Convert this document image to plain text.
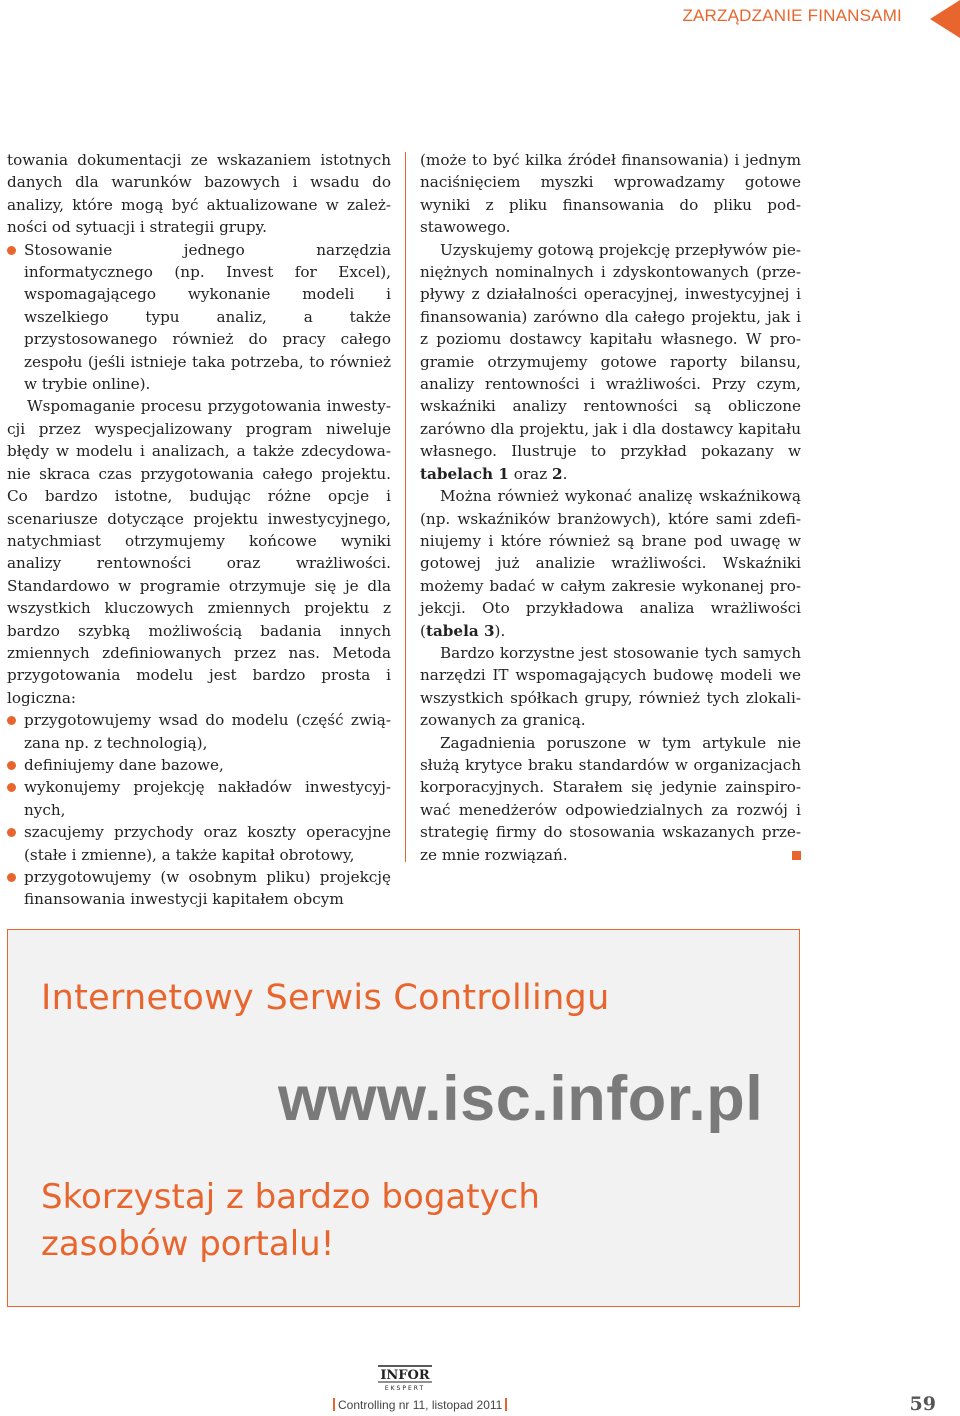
ZARZĄDZANIE FINANSAMI

towania dokumentacji ze wskazaniem istotnych danych dla warunków bazowych i wsadu do analizy, które mogą być aktualizowane w zależności od sytuacji i strategii grupy.

Stosowanie jednego narzędzia informatycznego (np. Invest for Excel), wspomagającego wykonanie modeli i wszelkiego typu analiz, a także przystosowanego również do pracy całego zespołu (jeśli istnieje taka potrzeba, to również w trybie online).

Wspomaganie procesu przygotowania inwestycji przez wyspecjalizowany program niweluje błędy w modelu i analizach, a także zdecydowanie skraca czas przygotowania całego projektu. Co bardzo istotne, budując różne opcje i scenariusze dotyczące projektu inwestycyjnego, natychmiast otrzymujemy końcowe wyniki analizy rentowności oraz wrażliwości. Standardowo w programie otrzymuje się je dla wszystkich kluczowych zmiennych projektu z bardzo szybką możliwością badania innych zmiennych zdefiniowanych przez nas. Metoda przygotowania modelu jest bardzo prosta i logiczna:

przygotowujemy wsad do modelu (część związana np. z technologią),

definiujemy dane bazowe,

wykonujemy projekcję nakładów inwestycyjnych,

szacujemy przychody oraz koszty operacyjne (stałe i zmienne), a także kapitał obrotowy,

przygotowujemy (w osobnym pliku) projekcję finansowania inwestycji kapitałem obcym

(może to być kilka źródeł finansowania) i jednym naciśnięciem myszki wprowadzamy gotowe wyniki z pliku finansowania do pliku podstawowego.

Uzyskujemy gotową projekcję przepływów pieniężnych nominalnych i zdyskontowanych (przepływy z działalności operacyjnej, inwestycyjnej i finansowania) zarówno dla całego projektu, jak i z poziomu dostawcy kapitału własnego. W programie otrzymujemy gotowe raporty bilansu, analizy rentowności i wrażliwości. Przy czym, wskaźniki analizy rentowności są obliczone zarówno dla projektu, jak i dla dostawcy kapitału własnego. Ilustruje to przykład pokazany w tabelach 1 oraz 2.

Można również wykonać analizę wskaźnikową (np. wskaźników branżowych), które sami zdefiniujemy i które również są brane pod uwagę w gotowej już analizie wrażliwości. Wskaźniki możemy badać w całym zakresie wykonanej projekcji. Oto przykładowa analiza wrażliwości (tabela 3).

Bardzo korzystne jest stosowanie tych samych narzędzi IT wspomagających budowę modeli we wszystkich spółkach grupy, również tych zlokalizowanych za granicą.

Zagadnienia poruszone w tym artykule nie służą krytyce braku standardów w organizacjach korporacyjnych. Starałem się jedynie zainspirować menedżerów odpowiedzialnych za rozwój i strategię firmy do stosowania wskazanych przeze mnie rozwiązań.

Internetowy Serwis Controllingu
www.isc.infor.pl
Skorzystaj z bardzo bogatych zasobów portalu!
INFOR
EKSPERT
Controlling nr 11, listopad 2011	59
